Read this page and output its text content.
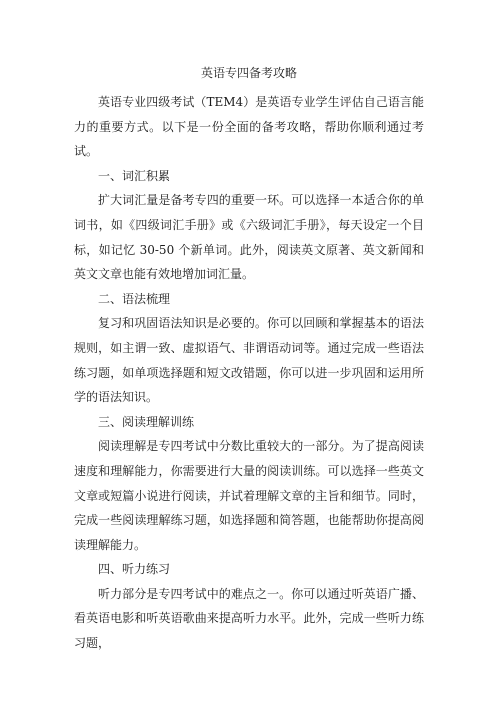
英语专四备考攻略

英语专业四级考试（TEM4）是英语专业学生评估自己语言能力的重要方式。以下是一份全面的备考攻略，帮助你顺利通过考试。

一、词汇积累

扩大词汇量是备考专四的重要一环。可以选择一本适合你的单词书，如《四级词汇手册》或《六级词汇手册》，每天设定一个目标，如记忆 30-50 个新单词。此外，阅读英文原著、英文新闻和英文文章也能有效地增加词汇量。

二、语法梳理

复习和巩固语法知识是必要的。你可以回顾和掌握基本的语法规则，如主谓一致、虚拟语气、非谓语动词等。通过完成一些语法练习题，如单项选择题和短文改错题，你可以进一步巩固和运用所学的语法知识。

三、阅读理解训练

阅读理解是专四考试中分数比重较大的一部分。为了提高阅读速度和理解能力，你需要进行大量的阅读训练。可以选择一些英文文章或短篇小说进行阅读，并试着理解文章的主旨和细节。同时，完成一些阅读理解练习题，如选择题和简答题，也能帮助你提高阅读理解能力。

四、听力练习

听力部分是专四考试中的难点之一。你可以通过听英语广播、看英语电影和听英语歌曲来提高听力水平。此外，完成一些听力练习题，
